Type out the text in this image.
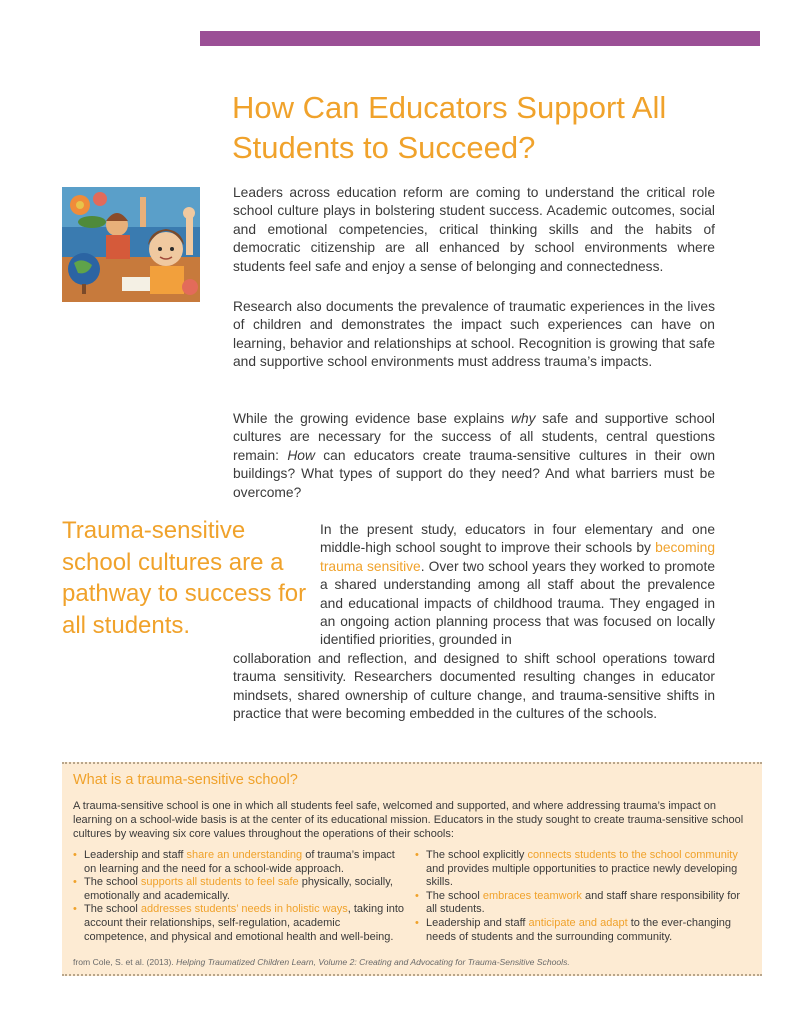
How Can Educators Support All Students to Succeed?

Leaders across education reform are coming to understand the critical role school culture plays in bolstering student success. Academic outcomes, social and emotional competencies, critical thinking skills and the habits of democratic citizenship are all enhanced by school environments where students feel safe and enjoy a sense of belonging and connectedness.

Research also documents the prevalence of traumatic experiences in the lives of children and demonstrates the impact such experiences can have on learning, behavior and relationships at school. Recognition is growing that safe and supportive school environments must address trauma’s impacts.

While the growing evidence base explains why safe and supportive school cultures are necessary for the success of all students, central questions remain: How can educators create trauma-sensitive cultures in their own buildings? What types of support do they need? And what barriers must be overcome?

Trauma-sensitive school cultures are a pathway to success for all students.

In the present study, educators in four elementary and one middle-high school sought to improve their schools by becoming trauma sensitive. Over two school years they worked to promote a shared understanding among all staff about the prevalence and educational impacts of childhood trauma. They engaged in an ongoing action planning process that was focused on locally identified priorities, grounded in

collaboration and reflection, and designed to shift school operations toward trauma sensitivity. Researchers documented resulting changes in educator mindsets, shared ownership of culture change, and trauma-sensitive shifts in practice that were becoming embedded in the cultures of the schools.

What is a trauma-sensitive school?

A trauma-sensitive school is one in which all students feel safe, welcomed and supported, and where addressing trauma’s impact on learning on a school-wide basis is at the center of its educational mission. Educators in the study sought to create trauma-sensitive school cultures by weaving six core values throughout the operations of their schools:

• Leadership and staff share an understanding of trauma’s impact on learning and the need for a school-wide approach.
• The school supports all students to feel safe physically, socially, emotionally and academically.
• The school addresses students’ needs in holistic ways, taking into account their relationships, self-regulation, academic competence, and physical and emotional health and well-being.
• The school explicitly connects students to the school community and provides multiple opportunities to practice newly developing skills.
• The school embraces teamwork and staff share responsibility for all students.
• Leadership and staff anticipate and adapt to the ever-changing needs of students and the surrounding community.

from Cole, S. et al. (2013). Helping Traumatized Children Learn, Volume 2: Creating and Advocating for Trauma-Sensitive Schools.
